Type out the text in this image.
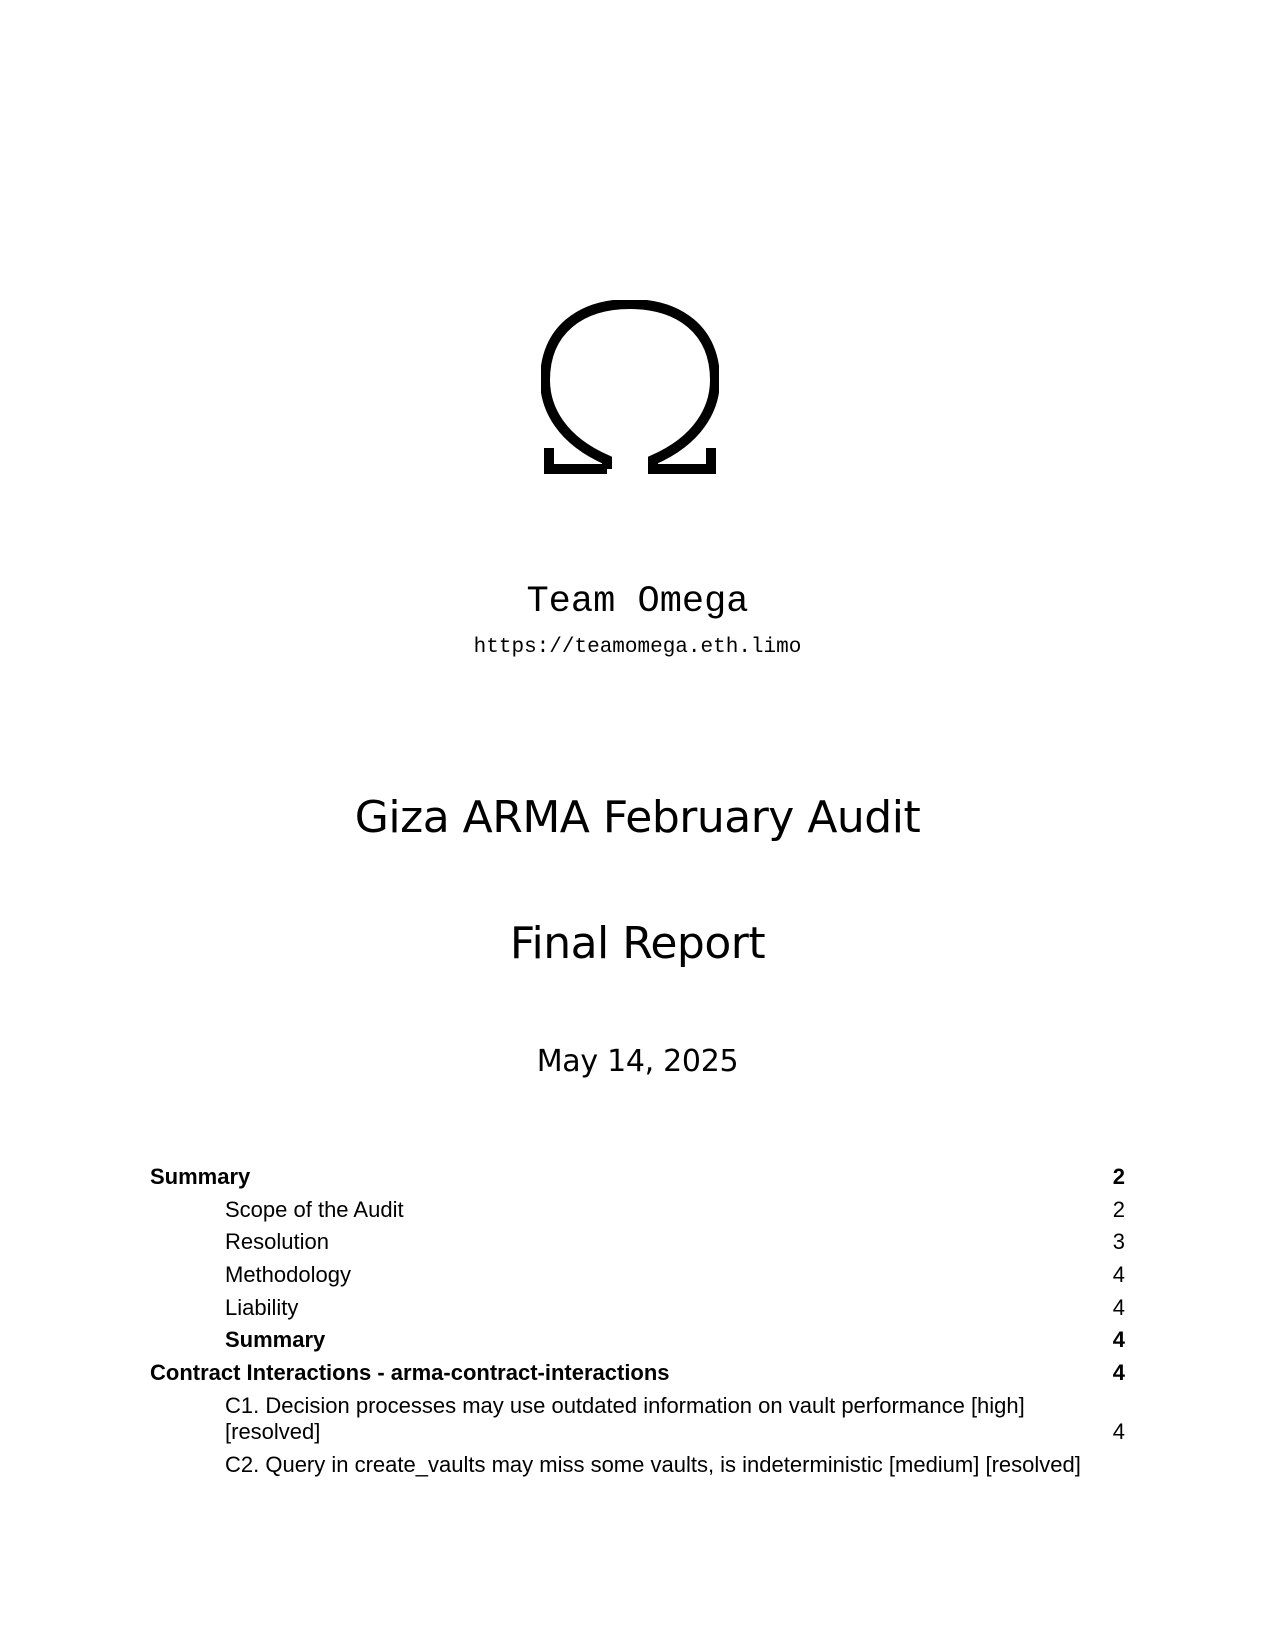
Team Omega
https://teamomega.eth.limo
Giza ARMA February Audit
Final Report
May 14, 2025
Summary	2
Scope of the Audit	2
Resolution	3
Methodology	4
Liability	4
Summary	4
Contract Interactions - arma-contract-interactions	4
C1. Decision processes may use outdated information on vault performance [high] [resolved]	4
C2. Query in create_vaults may miss some vaults, is indeterministic [medium] [resolved]
